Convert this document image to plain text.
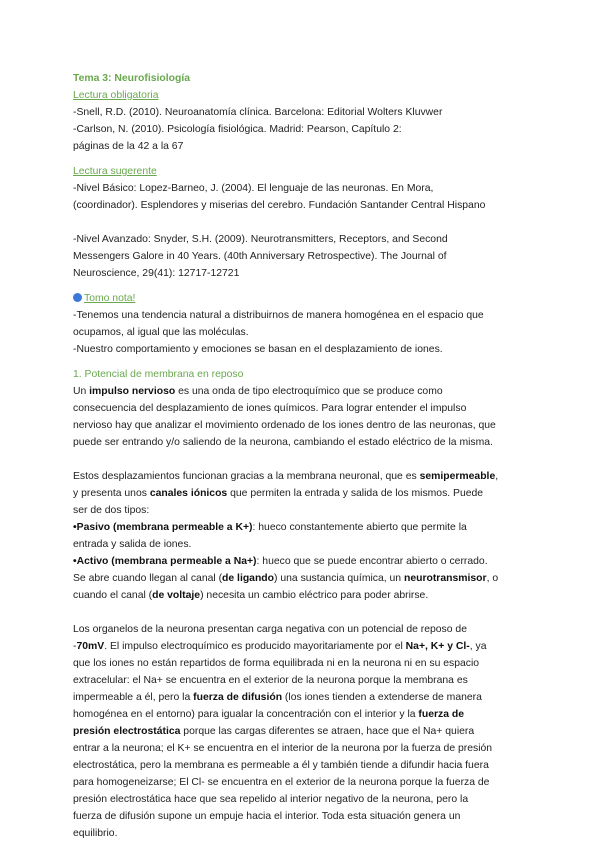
Tema 3: Neurofisiología

Lectura obligatoria

-Snell, R.D. (2010). Neuroanatomía clínica. Barcelona: Editorial Wolters Kluvwer

-Carlson, N. (2010). Psicología fisiológica. Madrid: Pearson, Capítulo 2:

páginas de la 42 a la 67

Lectura sugerente

-Nivel Básico: Lopez-Barneo, J. (2004). El lenguaje de las neuronas. En Mora,

(coordinador). Esplendores y miserias del cerebro. Fundación Santander Central Hispano

-Nivel Avanzado: Snyder, S.H. (2009). Neurotransmitters, Receptors, and Second

Messengers Galore in 40 Years. (40th Anniversary Retrospective). The Journal of

Neuroscience, 29(41): 12717-12721

Tomo nota!

-Tenemos una tendencia natural a distribuirnos de manera homogénea en el espacio que

ocupamos, al igual que las moléculas.

-Nuestro comportamiento y emociones se basan en el desplazamiento de iones.

1. Potencial de membrana en reposo

Un impulso nervioso es una onda de tipo electroquímico que se produce como

consecuencia del desplazamiento de iones químicos. Para lograr entender el impulso

nervioso hay que analizar el movimiento ordenado de los iones dentro de las neuronas, que

puede ser entrando y/o saliendo de la neurona, cambiando el estado eléctrico de la misma.

Estos desplazamientos funcionan gracias a la membrana neuronal, que es semipermeable,

y presenta unos canales iónicos que permiten la entrada y salida de los mismos. Puede

ser de dos tipos:

•Pasivo (membrana permeable a K+): hueco constantemente abierto que permite la

entrada y salida de iones.

•Activo (membrana permeable a Na+): hueco que se puede encontrar abierto o cerrado.

Se abre cuando llegan al canal (de ligando) una sustancia química, un neurotransmisor, o

cuando el canal (de voltaje) necesita un cambio eléctrico para poder abrirse.

Los organelos de la neurona presentan carga negativa con un potencial de reposo de

-70mV. El impulso electroquímico es producido mayoritariamente por el Na+, K+ y Cl-, ya

que los iones no están repartidos de forma equilibrada ni en la neurona ni en su espacio

extracelular: el Na+ se encuentra en el exterior de la neurona porque la membrana es

impermeable a él, pero la fuerza de difusión (los iones tienden a extenderse de manera

homogénea en el entorno) para igualar la concentración con el interior y la fuerza de

presión electrostática porque las cargas diferentes se atraen, hace que el Na+ quiera

entrar a la neurona; el K+ se encuentra en el interior de la neurona por la fuerza de presión

electrostática, pero la membrana es permeable a él y también tiende a difundir hacia fuera

para homogeneizarse; El Cl- se encuentra en el exterior de la neurona porque la fuerza de

presión electrostática hace que sea repelido al interior negativo de la neurona, pero la

fuerza de difusión supone un empuje hacia el interior. Toda esta situación genera un

equilibrio.
